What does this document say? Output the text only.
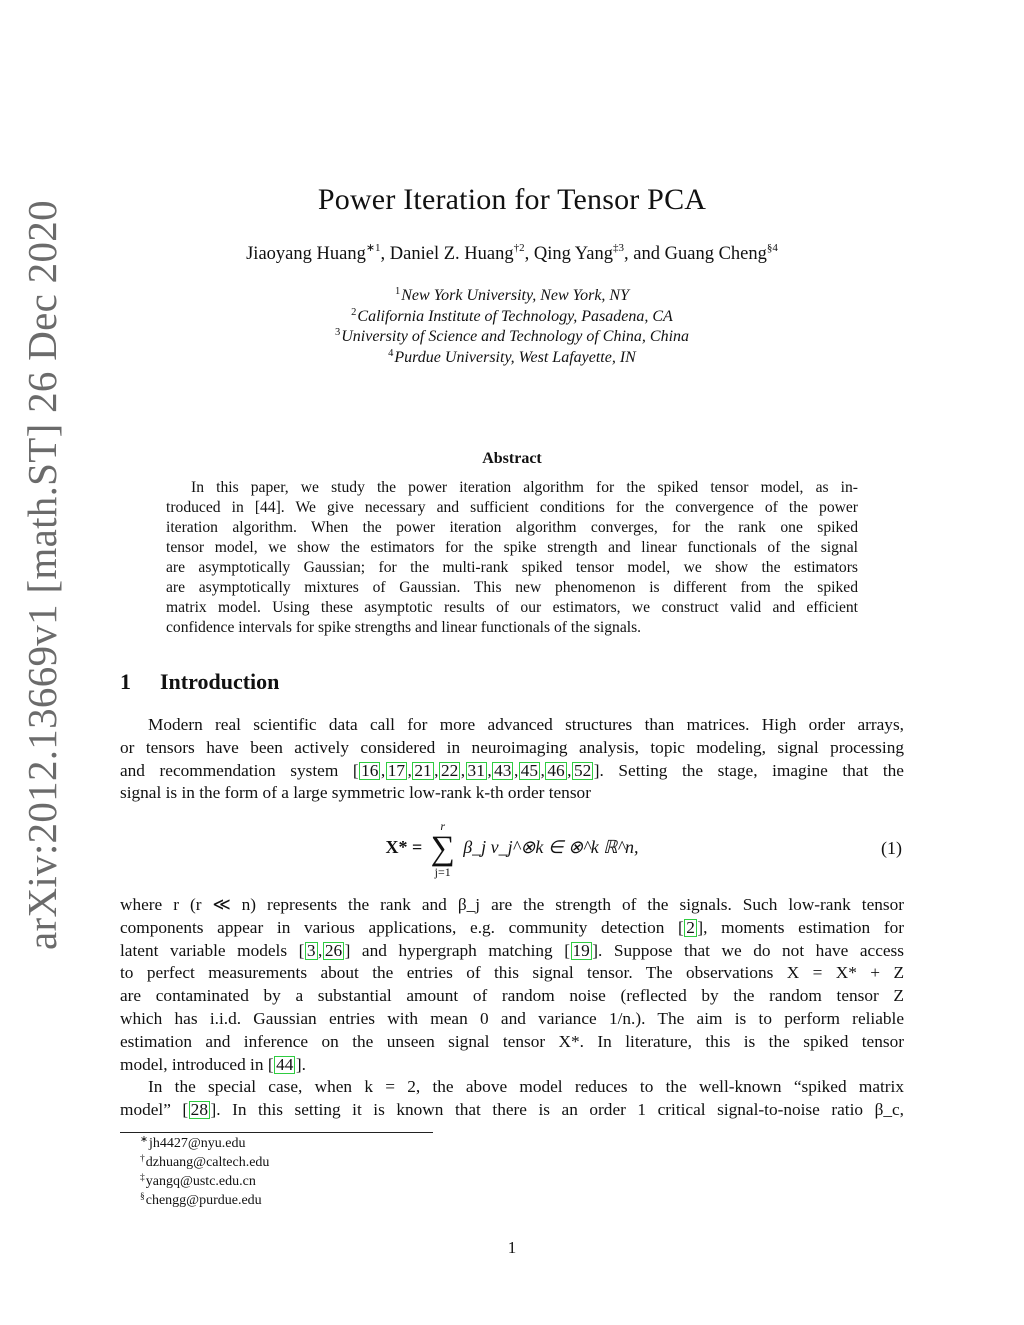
arXiv:2012.13669v1 [math.ST] 26 Dec 2020
Power Iteration for Tensor PCA
Jiaoyang Huang$^{∗1}$, Daniel Z. Huang$^{\dagger 2}$, Qing Yang$^{\ddagger 3}$, and Guang Cheng$^{\S 4}$
$^1$New York University, New York, NY
$^2$California Institute of Technology, Pasadena, CA
$^3$University of Science and Technology of China, China
$^4$Purdue University, West Lafayette, IN
Abstract
In this paper, we study the power iteration algorithm for the spiked tensor model, as in-
troduced in [44]. We give necessary and sufficient conditions for the convergence of the power
iteration algorithm. When the power iteration algorithm converges, for the rank one spiked
tensor model, we show the estimators for the spike strength and linear functionals of the signal
are asymptotically Gaussian; for the multi-rank spiked tensor model, we show the estimators
are asymptotically mixtures of Gaussian. This new phenomenon is different from the spiked
matrix model. Using these asymptotic results of our estimators, we construct valid and efficient
confidence intervals for spike strengths and linear functionals of the signals.
1 Introduction
Modern real scientific data call for more advanced structures than matrices. High order arrays,
or tensors have been actively considered in neuroimaging analysis, topic modeling, signal processing
and recommendation system [ 16 , 17 , 21 , 22 , 31 , 43 , 45 , 46 , 52 ]. Setting the stage, imagine that the
signal is in the form of a large symmetric low-rank k-th order tensor
X* =
r
∑
j=1
β_j v_j^⊗k ∈ ⊗^k ℝ^n,	(1)
where r (r ≪ n) represents the rank and β_j are the strength of the signals. Such low-rank tensor
components appear in various applications, e.g. community detection [ 2 ], moments estimation for
latent variable models [ 3 , 26 ] and hypergraph matching [ 19 ]. Suppose that we do not have access
to perfect measurements about the entries of this signal tensor. The observations X = X* + Z
are contaminated by a substantial amount of random noise (reflected by the random tensor Z
which has i.i.d. Gaussian entries with mean 0 and variance 1/n.). The aim is to perform reliable
estimation and inference on the unseen signal tensor X*. In literature, this is the spiked tensor
model, introduced in [ 44 ].
In the special case, when k = 2, the above model reduces to the well-known “spiked matrix
model” [ 28 ]. In this setting it is known that there is an order 1 critical signal-to-noise ratio β_c,
∗jh4427@nyu.edu
†dzhuang@caltech.edu
‡yangq@ustc.edu.cn
§chengg@purdue.edu
1
